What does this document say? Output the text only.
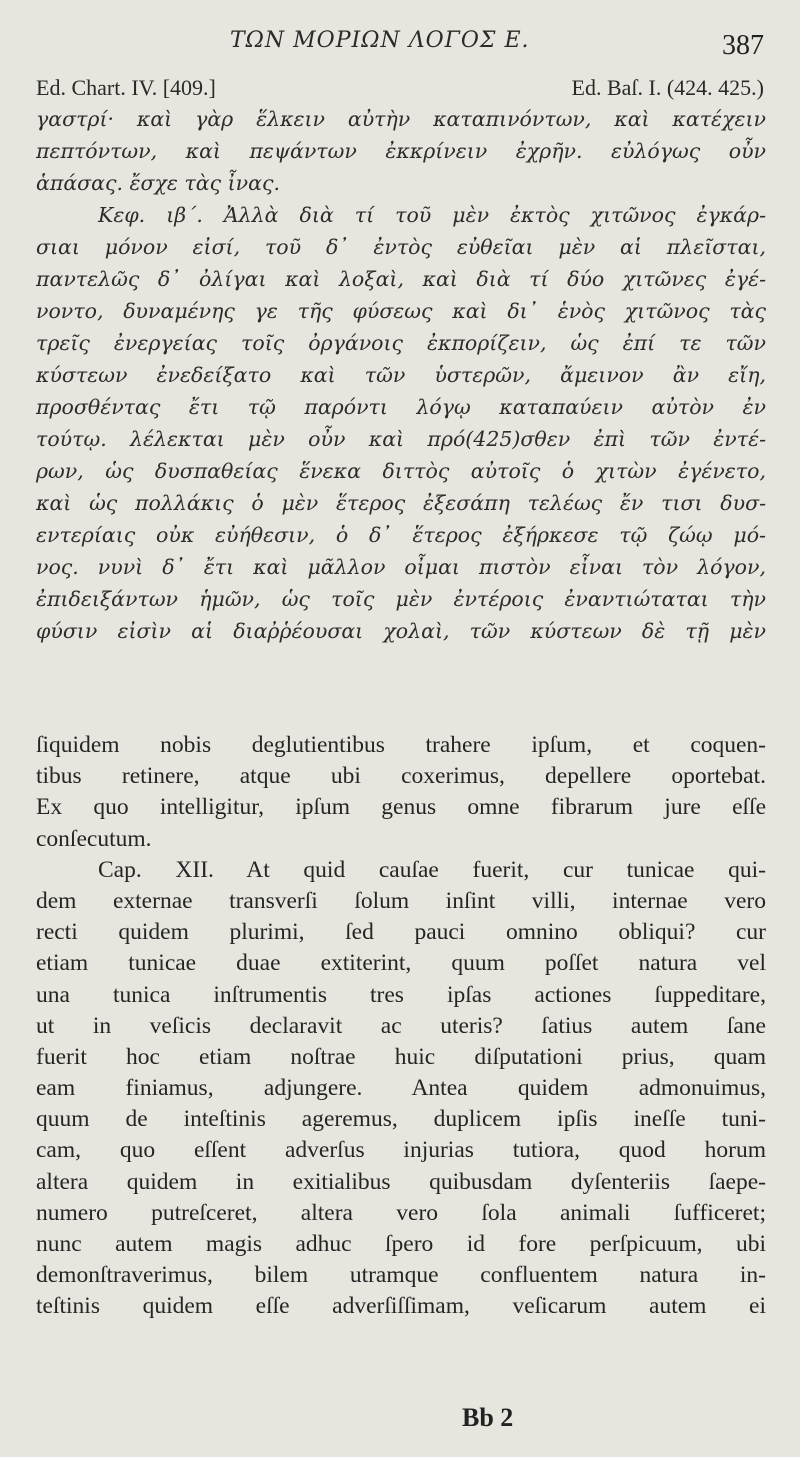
ΤΩΝ ΜΟΡΙΩΝ ΛΟΓΟΣ Ε.	387
Ed. Chart. IV. [409.]	Ed. Baſ. I. (424. 425.)
γαστρί· καὶ γὰρ ἕλκειν αὐτὴν καταπινόντων, καὶ κατέχειν
πεπτόντων, καὶ πεψάντων ἐκκρίνειν ἐχρῆν. εὐλόγως οὖν
ἁπάσας. ἔσχε τὰς ἶνας.
Κεφ. ιβ΄. Ἀλλὰ διὰ τί τοῦ μὲν ἐκτὸς χιτῶνος ἐγκάρ-
σιαι μόνον εἰσί, τοῦ δ᾽ ἐντὸς εὐθεῖαι μὲν αἱ πλεῖσται,
παντελῶς δ᾽ ὀλίγαι καὶ λοξαὶ, καὶ διὰ τί δύο χιτῶνες ἐγέ-
νοντο, δυναμένης γε τῆς φύσεως καὶ δι᾽ ἑνὸς χιτῶνος τὰς
τρεῖς ἐνεργείας τοῖς ὀργάνοις ἐκπορίζειν, ὡς ἐπί τε τῶν
κύστεων ἐνεδείξατο καὶ τῶν ὑστερῶν, ἄμεινον ἂν εἴη,
προσθέντας ἔτι τῷ παρόντι λόγῳ καταπαύειν αὐτὸν ἐν
τούτῳ. λέλεκται μὲν οὖν καὶ πρό(425)σθεν ἐπὶ τῶν ἐντέ-
ρων, ὡς δυσπαθείας ἕνεκα διττὸς αὐτοῖς ὁ χιτὼν ἐγένετο,
καὶ ὡς πολλάκις ὁ μὲν ἕτερος ἐξεσάπη τελέως ἔν τισι δυσ-
εντερίαις οὐκ εὐήθεσιν, ὁ δ᾽ ἕτερος ἐξήρκεσε τῷ ζώῳ μό-
νος. νυνὶ δ᾽ ἔτι καὶ μᾶλλον οἶμαι πιστὸν εἶναι τὸν λόγον,
ἐπιδειξάντων ἡμῶν, ὡς τοῖς μὲν ἐντέροις ἐναντιώταται τὴν
φύσιν εἰσὶν αἱ διαῤῥέουσαι χολαὶ, τῶν κύστεων δὲ τῇ μὲν
ſiquidem nobis deglutientibus trahere ipſum, et coquen-
tibus retinere, atque ubi coxerimus, depellere oportebat.
Ex quo intelligitur, ipſum genus omne fibrarum jure eſſe
conſecutum.
Cap. XII. At quid cauſae fuerit, cur tunicae qui-
dem externae transverſi ſolum inſint villi, internae vero
recti quidem plurimi, ſed pauci omnino obliqui? cur
etiam tunicae duae extiterint, quum poſſet natura vel
una tunica inſtrumentis tres ipſas actiones ſuppeditare,
ut in veſicis declaravit ac uteris? ſatius autem ſane
fuerit hoc etiam noſtrae huic diſputationi prius, quam
eam finiamus, adjungere. Antea quidem admonuimus,
quum de inteſtinis ageremus, duplicem ipſis ineſſe tuni-
cam, quo eſſent adverſus injurias tutiora, quod horum
altera quidem in exitialibus quibusdam dyſenteriis ſaepe-
numero putreſceret, altera vero ſola animali ſufficeret;
nunc autem magis adhuc ſpero id fore perſpicuum, ubi
demonſtraverimus, bilem utramque confluentem natura in-
teſtinis quidem eſſe adverſiſſimam, veſicarum autem ei
Bb 2
